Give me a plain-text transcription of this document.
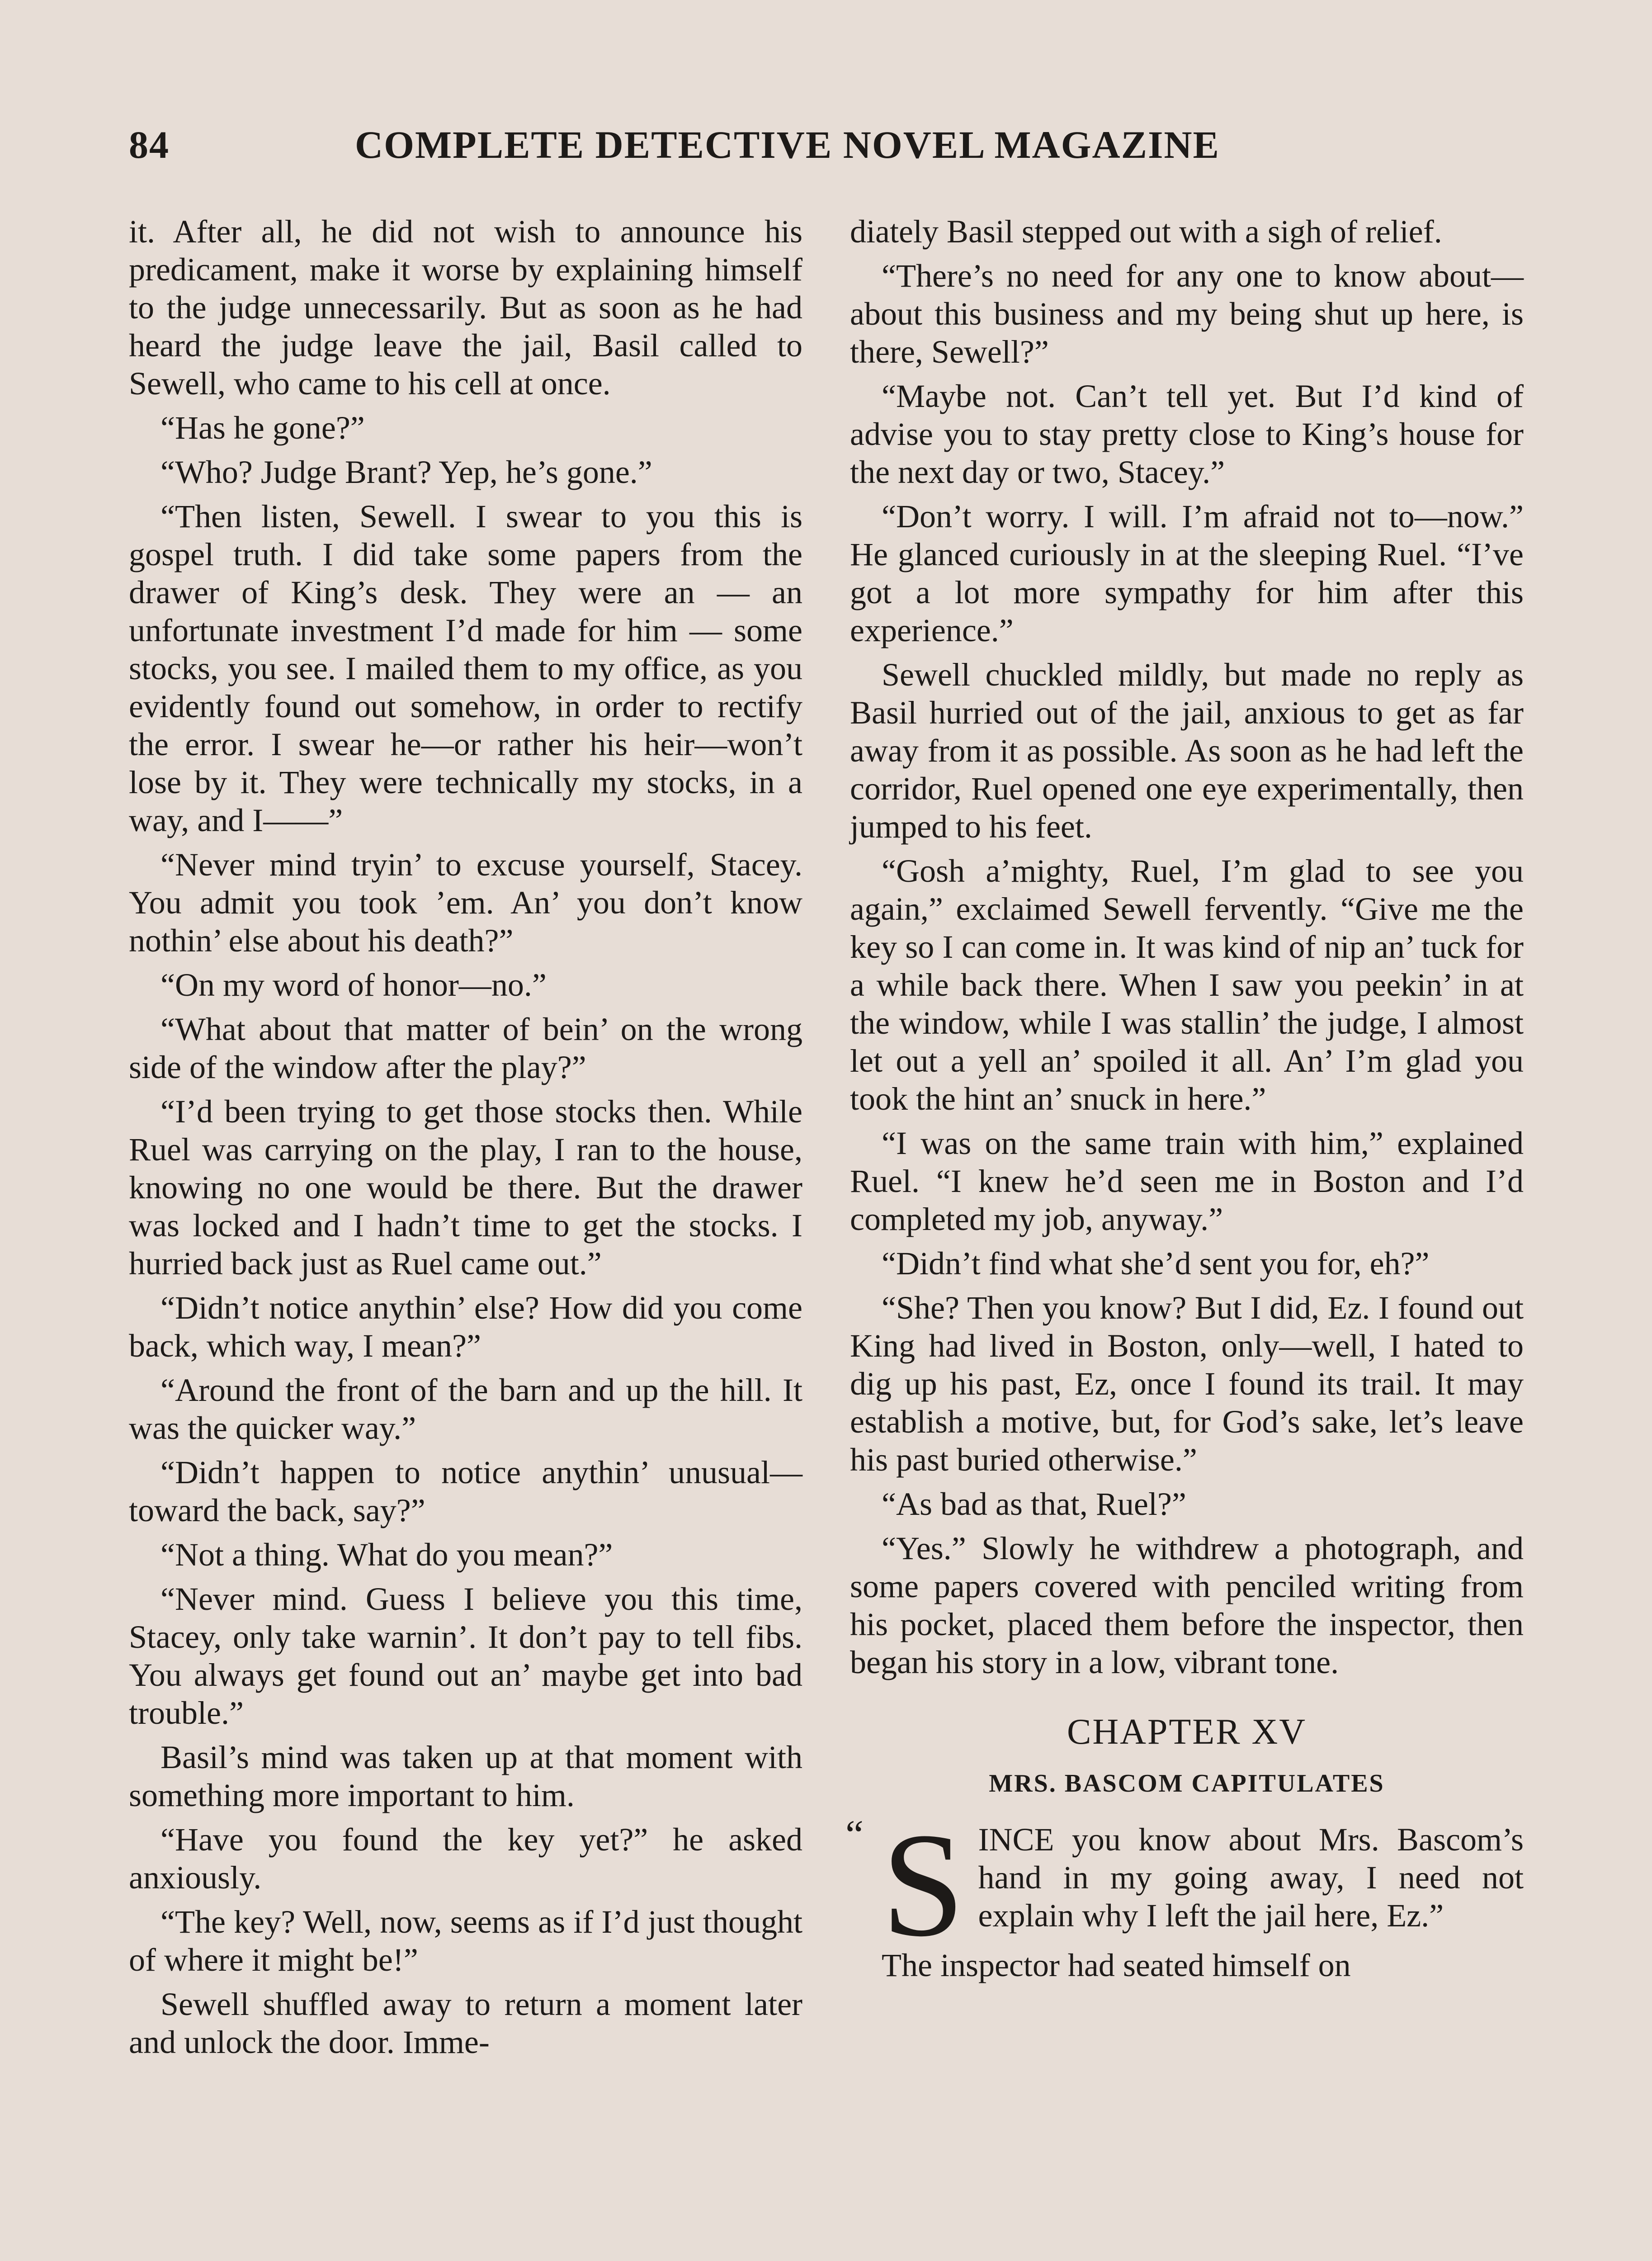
84	COMPLETE DETECTIVE NOVEL MAGAZINE

it. After all, he did not wish to announce his predicament, make it worse by explaining himself to the judge unnecessarily. But as soon as he had heard the judge leave the jail, Basil called to Sewell, who came to his cell at once.

“Has he gone?”

“Who? Judge Brant? Yep, he’s gone.”

“Then listen, Sewell. I swear to you this is gospel truth. I did take some papers from the drawer of King’s desk. They were an — an unfortunate investment I’d made for him — some stocks, you see. I mailed them to my office, as you evidently found out somehow, in order to rectify the error. I swear he—or rather his heir—won’t lose by it. They were technically my stocks, in a way, and I——”

“Never mind tryin’ to excuse yourself, Stacey. You admit you took ’em. An’ you don’t know nothin’ else about his death?”

“On my word of honor—no.”

“What about that matter of bein’ on the wrong side of the window after the play?”

“I’d been trying to get those stocks then. While Ruel was carrying on the play, I ran to the house, knowing no one would be there. But the drawer was locked and I hadn’t time to get the stocks. I hurried back just as Ruel came out.”

“Didn’t notice anythin’ else? How did you come back, which way, I mean?”

“Around the front of the barn and up the hill. It was the quicker way.”

“Didn’t happen to notice anythin’ unusual—toward the back, say?”

“Not a thing. What do you mean?”

“Never mind. Guess I believe you this time, Stacey, only take warnin’. It don’t pay to tell fibs. You always get found out an’ maybe get into bad trouble.”

Basil’s mind was taken up at that moment with something more important to him.

“Have you found the key yet?” he asked anxiously.

“The key? Well, now, seems as if I’d just thought of where it might be!”

Sewell shuffled away to return a moment later and unlock the door. Imme-

diately Basil stepped out with a sigh of relief.

“There’s no need for any one to know about—about this business and my being shut up here, is there, Sewell?”

“Maybe not. Can’t tell yet. But I’d kind of advise you to stay pretty close to King’s house for the next day or two, Stacey.”

“Don’t worry. I will. I’m afraid not to—now.” He glanced curiously in at the sleeping Ruel. “I’ve got a lot more sympathy for him after this experience.”

Sewell chuckled mildly, but made no reply as Basil hurried out of the jail, anxious to get as far away from it as possible. As soon as he had left the corridor, Ruel opened one eye experimentally, then jumped to his feet.

“Gosh a’mighty, Ruel, I’m glad to see you again,” exclaimed Sewell fervently. “Give me the key so I can come in. It was kind of nip an’ tuck for a while back there. When I saw you peekin’ in at the window, while I was stallin’ the judge, I almost let out a yell an’ spoiled it all. An’ I’m glad you took the hint an’ snuck in here.”

“I was on the same train with him,” explained Ruel. “I knew he’d seen me in Boston and I’d completed my job, anyway.”

“Didn’t find what she’d sent you for, eh?”

“She? Then you know? But I did, Ez. I found out King had lived in Boston, only—well, I hated to dig up his past, Ez, once I found its trail. It may establish a motive, but, for God’s sake, let’s leave his past buried otherwise.”

“As bad as that, Ruel?”

“Yes.” Slowly he withdrew a photograph, and some papers covered with penciled writing from his pocket, placed them before the inspector, then began his story in a low, vibrant tone.

CHAPTER XV
MRS. BASCOM CAPITULATES

“ S INCE you know about Mrs. Bascom’s hand in my going away, I need not explain why I left the jail here, Ez.”

The inspector had seated himself on
